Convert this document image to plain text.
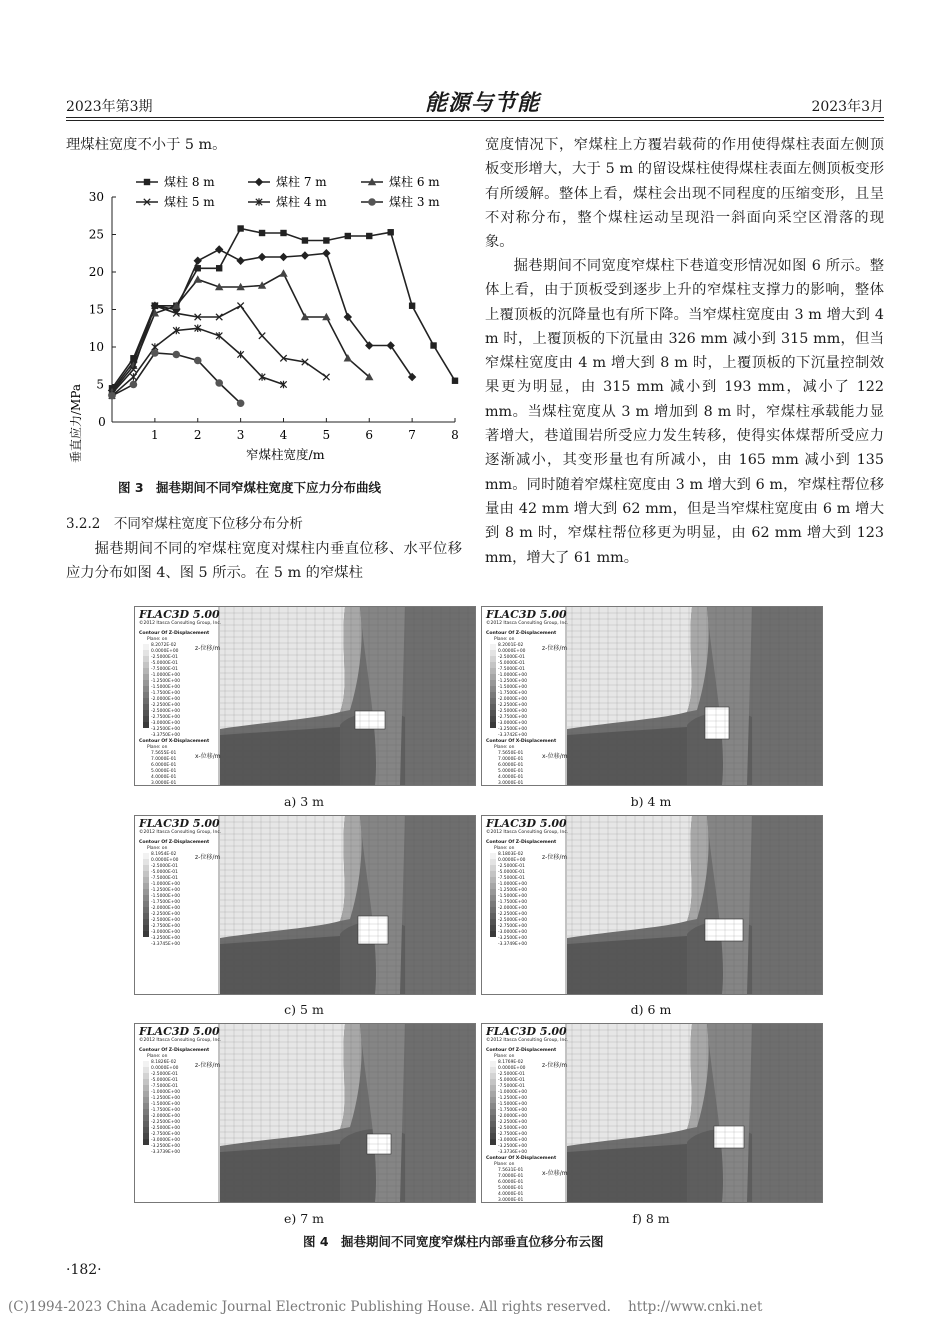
2023年第3期	能源与节能	2023年3月
理煤柱宽度不小于 5 m。
0
1	2	3	4	5	6	7	8
5
10
15
20
25
30
煤柱 8 m	煤柱 7 m	煤柱 6 m
煤柱 5 m	煤柱 4 m	煤柱 3 m
垂直应力/MPa	窄煤柱宽度/m
图 3　掘巷期间不同窄煤柱宽度下应力分布曲线
3.2.2　不同窄煤柱宽度下位移分布分析
掘巷期间不同的窄煤柱宽度对煤柱内垂直位移、水平位移应力分布如图 4、图 5 所示。在 5 m 的窄煤柱
宽度情况下，窄煤柱上方覆岩载荷的作用使得煤柱表面左侧顶板变形增大，大于 5 m 的留设煤柱使得煤柱表面左侧顶板变形有所缓解。整体上看，煤柱会出现不同程度的压缩变形，且呈不对称分布，整个煤柱运动呈现沿一斜面向采空区滑落的现象。
掘巷期间不同宽度窄煤柱下巷道变形情况如图 6 所示。整体上看，由于顶板受到逐步上升的窄煤柱支撑力的影响，整体上覆顶板的沉降量也有所下降。当窄煤柱宽度由 3 m 增大到 4 m 时，上覆顶板的下沉量由 326 mm 减小到 315 mm，但当窄煤柱宽度由 4 m 增大到 8 m 时，上覆顶板的下沉量控制效果更为明显，由 315 mm 减小到 193 mm，减小了 122 mm。当煤柱宽度从 3 m 增加到 8 m 时，窄煤柱承载能力显著增大，巷道围岩所受应力发生转移，使得实体煤帮所受应力逐渐减小，其变形量也有所减小，由 165 mm 减小到 135 mm。同时随着窄煤柱宽度由 3 m 增大到 6 m，窄煤柱帮位移量由 42 mm 增大到 62 mm，但是当窄煤柱宽度由 6 m 增大到 8 m 时，窄煤柱帮位移更为明显，由 62 mm 增大到 123 mm，增大了 61 mm。
FLAC3D 5.00
©2012 Itasca Consulting Group, Inc.
Contour Of Z-Displacement
Plane: on
z-位移/m
8.2072E-02
0.0000E+00
-2.5000E-01
-5.0000E-01
-7.5000E-01
-1.0000E+00
-1.2500E+00
-1.5000E+00
-1.7500E+00
-2.0000E+00
-2.2500E+00
-2.5000E+00
-2.7500E+00
-3.0000E+00
-3.2500E+00
-3.3750E+00
Contour Of X-Displacement
Plane: on
x-位移/m
7.5655E-01
7.0000E-01
6.0000E-01
5.0000E-01
4.0000E-01
3.0000E-01
a) 3 m
FLAC3D 5.00
©2012 Itasca Consulting Group, Inc.
Contour Of Z-Displacement
Plane: on
z-位移/m
8.2001E-02
0.0000E+00
-2.5000E-01
-5.0000E-01
-7.5000E-01
-1.0000E+00
-1.2500E+00
-1.5000E+00
-1.7500E+00
-2.0000E+00
-2.2500E+00
-2.5000E+00
-2.7500E+00
-3.0000E+00
-3.2500E+00
-3.3742E+00
Contour Of X-Displacement
Plane: on
x-位移/m
7.5650E-01
7.0000E-01
6.0000E-01
5.0000E-01
4.0000E-01
3.0000E-01
b) 4 m
FLAC3D 5.00
©2012 Itasca Consulting Group, Inc.
Contour Of Z-Displacement
Plane: on
z-位移/m
8.1954E-02
0.0000E+00
-2.5000E-01
-5.0000E-01
-7.5000E-01
-1.0000E+00
-1.2500E+00
-1.5000E+00
-1.7500E+00
-2.0000E+00
-2.2500E+00
-2.5000E+00
-2.7500E+00
-3.0000E+00
-3.2500E+00
-3.3745E+00
c) 5 m
FLAC3D 5.00
©2012 Itasca Consulting Group, Inc.
Contour Of Z-Displacement
Plane: on
z-位移/m
8.1803E-02
0.0000E+00
-2.5000E-01
-5.0000E-01
-7.5000E-01
-1.0000E+00
-1.2500E+00
-1.5000E+00
-1.7500E+00
-2.0000E+00
-2.2500E+00
-2.5000E+00
-2.7500E+00
-3.0000E+00
-3.2500E+00
-3.3749E+00
d) 6 m
FLAC3D 5.00
©2012 Itasca Consulting Group, Inc.
Contour Of Z-Displacement
Plane: on
z-位移/m
8.1826E-02
0.0000E+00
-2.5000E-01
-5.0000E-01
-7.5000E-01
-1.0000E+00
-1.2500E+00
-1.5000E+00
-1.7500E+00
-2.0000E+00
-2.2500E+00
-2.5000E+00
-2.7500E+00
-3.0000E+00
-3.2500E+00
-3.3739E+00
e) 7 m
FLAC3D 5.00
©2012 Itasca Consulting Group, Inc.
Contour Of Z-Displacement
Plane: on
z-位移/m
8.1769E-02
0.0000E+00
-2.5000E-01
-5.0000E-01
-7.5000E-01
-1.0000E+00
-1.2500E+00
-1.5000E+00
-1.7500E+00
-2.0000E+00
-2.2500E+00
-2.5000E+00
-2.7500E+00
-3.0000E+00
-3.2500E+00
-3.3736E+00
Contour Of X-Displacement
Plane: on
x-位移/m
7.5631E-01
7.0000E-01
6.0000E-01
5.0000E-01
4.0000E-01
3.0000E-01
f) 8 m
图 4　掘巷期间不同宽度窄煤柱内部垂直位移分布云图
·182·
(C)1994-2023 China Academic Journal Electronic Publishing House. All rights reserved.    http://www.cnki.net
